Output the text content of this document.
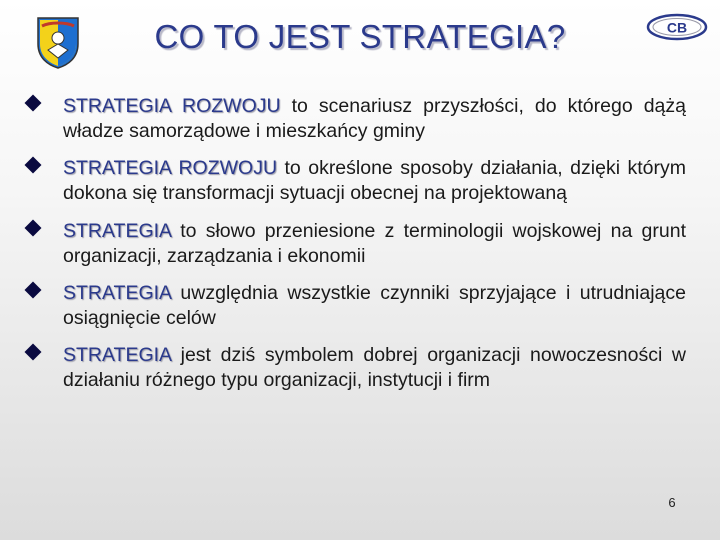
CB
CO TO JEST STRATEGIA?
STRATEGIA ROZWOJU to scenariusz przyszłości, do którego dążą władze samorządowe i mieszkańcy gminy
STRATEGIA ROZWOJU to określone sposoby działania, dzięki którym dokona się transformacji sytuacji obecnej na projektowaną
STRATEGIA to słowo przeniesione z terminologii wojskowej na grunt organizacji, zarządzania i ekonomii
STRATEGIA uwzględnia wszystkie czynniki sprzyjające i utrudniające osiągnięcie celów
STRATEGIA jest dziś symbolem dobrej organizacji nowoczesności w działaniu różnego typu organizacji, instytucji i firm
6
